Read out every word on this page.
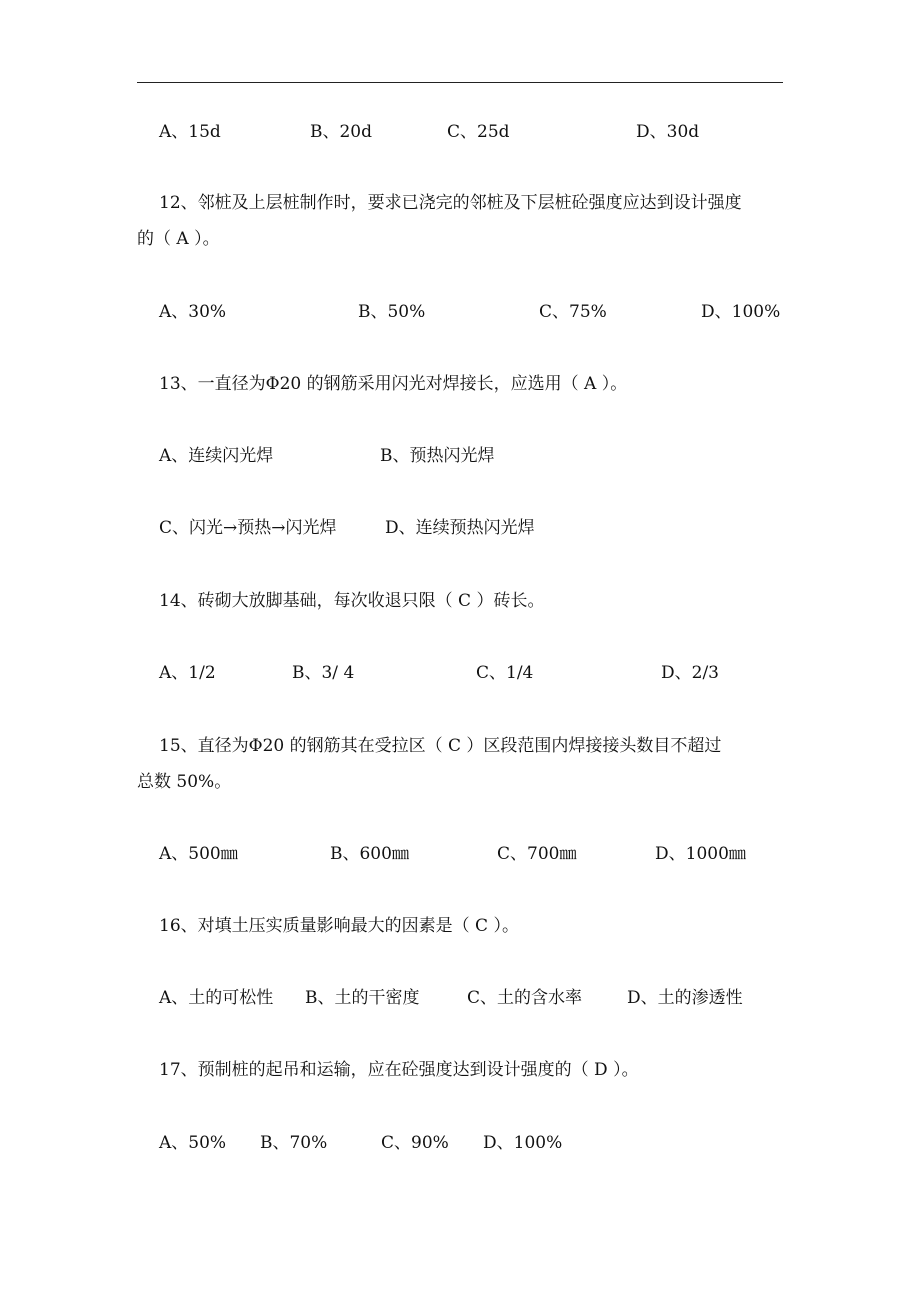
A、15d	B、20d	C、25d	D、30d
12、邻桩及上层桩制作时，要求已浇完的邻桩及下层桩砼强度应达到设计强度
的（ A ）。
A、30%	B、50%	C、75%	D、100%
13、一直径为Φ20 的钢筋采用闪光对焊接长，应选用（ A ）。
A、连续闪光焊	B、预热闪光焊
C、闪光→预热→闪光焊	D、连续预热闪光焊
14、砖砌大放脚基础，每次收退只限（ C ）砖长。
A、1/2	B、3/ 4	C、1/4	D、2/3
15、直径为Φ20 的钢筋其在受拉区（ C ）区段范围内焊接接头数目不超过
总数 50%。
A、500㎜	B、600㎜	C、700㎜	D、1000㎜
16、对填土压实质量影响最大的因素是（ C ）。
A、土的可松性 B、土的干密度	C、土的含水率	D、土的渗透性
17、预制桩的起吊和运输，应在砼强度达到设计强度的（ D ）。
A、50% B、70%	C、90% D、100%
